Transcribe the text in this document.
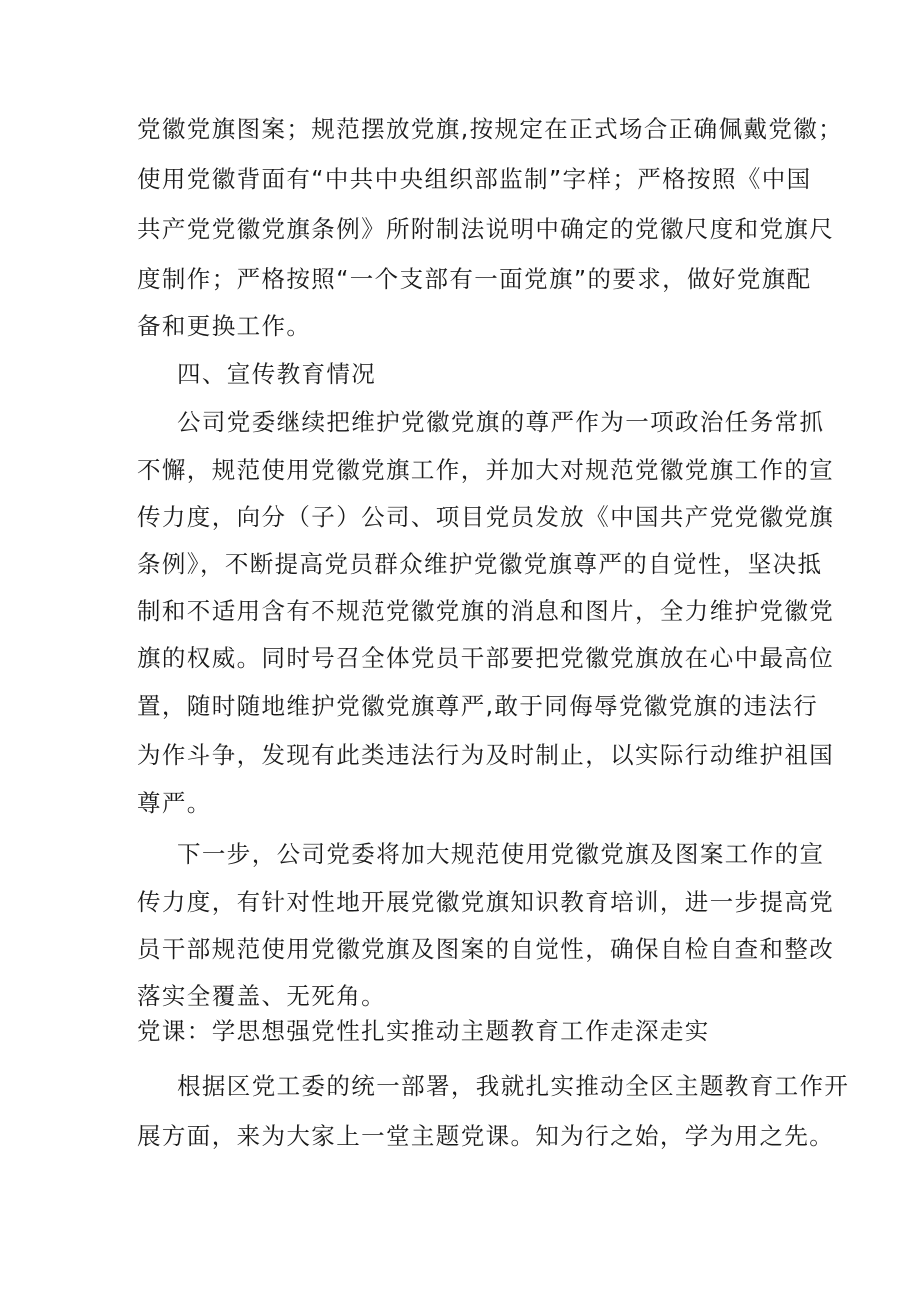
党徽党旗图案；规范摆放党旗,按规定在正式场合正确佩戴党徽；
使用党徽背面有“中共中央组织部监制”字样；严格按照《中国
共产党党徽党旗条例》所附制法说明中确定的党徽尺度和党旗尺
度制作；严格按照“一个支部有一面党旗”的要求，做好党旗配
备和更换工作。
四、宣传教育情况
公司党委继续把维护党徽党旗的尊严作为一项政治任务常抓
不懈，规范使用党徽党旗工作，并加大对规范党徽党旗工作的宣
传力度，向分（子）公司、项目党员发放《中国共产党党徽党旗
条例》，不断提高党员群众维护党徽党旗尊严的自觉性，坚决抵
制和不适用含有不规范党徽党旗的消息和图片，全力维护党徽党
旗的权威。同时号召全体党员干部要把党徽党旗放在心中最高位
置，随时随地维护党徽党旗尊严,敢于同侮辱党徽党旗的违法行
为作斗争，发现有此类违法行为及时制止，以实际行动维护祖国
尊严。
下一步，公司党委将加大规范使用党徽党旗及图案工作的宣
传力度，有针对性地开展党徽党旗知识教育培训，进一步提高党
员干部规范使用党徽党旗及图案的自觉性，确保自检自查和整改
落实全覆盖、无死角。
党课：学思想强党性扎实推动主题教育工作走深走实
根据区党工委的统一部署，我就扎实推动全区主题教育工作开
展方面，来为大家上一堂主题党课。知为行之始，学为用之先。
